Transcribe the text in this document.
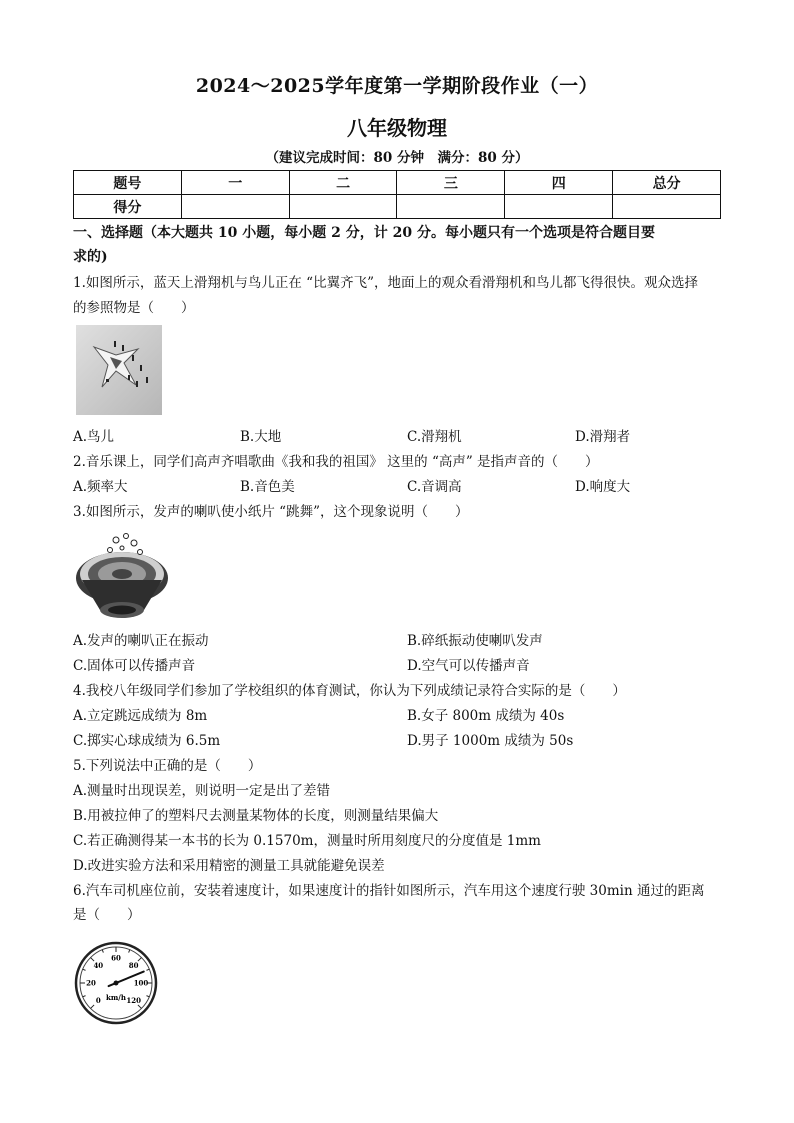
2024～2025学年度第一学期阶段作业（一）
八年级物理
（建议完成时间：80 分钟　满分：80 分）
题号	一	二	三	四	总分
得分					
一、选择题（本大题共 10 小题，每小题 2 分，计 20 分。每小题只有一个选项是符合题目要
求的)
1.如图所示，蓝天上滑翔机与鸟儿正在 “比翼齐飞”，地面上的观众看滑翔机和鸟儿都飞得很快。观众选择
的参照物是（　　）
A.鸟儿	B.大地	C.滑翔机	D.滑翔者
2.音乐课上，同学们高声齐唱歌曲《我和我的祖国》 这里的 “高声” 是指声音的（　　）
A.频率大	B.音色美	C.音调高	D.响度大
3.如图所示，发声的喇叭使小纸片 “跳舞”，这个现象说明（　　）
A.发声的喇叭正在振动	B.碎纸振动使喇叭发声
C.固体可以传播声音	D.空气可以传播声音
4.我校八年级同学们参加了学校组织的体育测试，你认为下列成绩记录符合实际的是（　　）
A.立定跳远成绩为 8m	B.女子 800m 成绩为 40s
C.掷实心球成绩为 6.5m	D.男子 1000m 成绩为 50s
5.下列说法中正确的是（　　）
A.测量时出现误差，则说明一定是出了差错
B.用被拉伸了的塑料尺去测量某物体的长度，则测量结果偏大
C.若正确测得某一本书的长为 0.1570m，测量时所用刻度尺的分度值是 1mm
D.改进实验方法和采用精密的测量工具就能避免误差
6.汽车司机座位前，安装着速度计，如果速度计的指针如图所示，汽车用这个速度行驶 30min 通过的距离
是（　　）
0
20
40
60
80
100
120
km/h
